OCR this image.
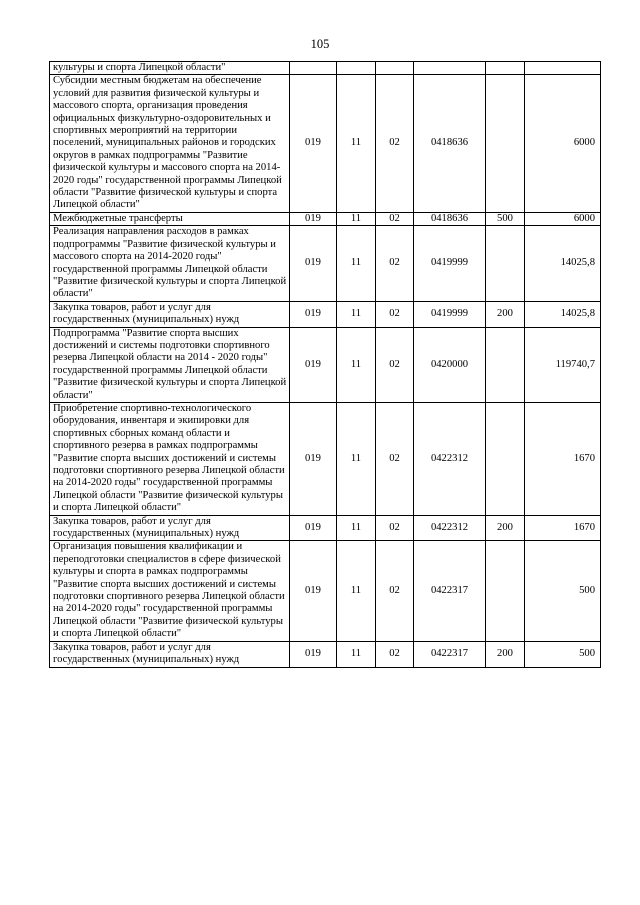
105
культуры и спорта Липецкой области"						
Субсидии местным бюджетам на обеспечение условий для развития физической культуры и массового спорта, организация проведения официальных физкультурно-оздоровительных и спортивных мероприятий на территории поселений, муниципальных районов и городских округов в рамках подпрограммы "Развитие физической культуры и массового спорта на 2014-2020 годы" государственной программы Липецкой области "Развитие физической культуры и спорта Липецкой области"	019	11	02	0418636		6000
Межбюджетные трансферты	019	11	02	0418636	500	6000
Реализация направления расходов в рамках подпрограммы "Развитие физической культуры и массового спорта на 2014-2020 годы" государственной программы Липецкой области "Развитие физической культуры и спорта Липецкой области"	019	11	02	0419999		14025,8
Закупка товаров, работ и услуг для государственных (муниципальных) нужд	019	11	02	0419999	200	14025,8
Подпрограмма "Развитие спорта высших достижений и системы подготовки спортивного резерва Липецкой области на 2014 - 2020 годы" государственной программы Липецкой области "Развитие физической культуры и спорта Липецкой области"	019	11	02	0420000		119740,7
Приобретение спортивно-технологического оборудования, инвентаря и экипировки для спортивных сборных команд области и спортивного резерва в рамках подпрограммы "Развитие спорта высших достижений и системы подготовки спортивного резерва Липецкой области на 2014-2020 годы" государственной программы Липецкой области "Развитие физической культуры и спорта Липецкой области"	019	11	02	0422312		1670
Закупка товаров, работ и услуг для государственных (муниципальных) нужд	019	11	02	0422312	200	1670
Организация повышения квалификации и переподготовки специалистов в сфере физической культуры и спорта в рамках подпрограммы "Развитие спорта высших достижений и системы подготовки спортивного резерва Липецкой области на 2014-2020 годы" государственной программы Липецкой области "Развитие физической культуры и спорта Липецкой области"	019	11	02	0422317		500
Закупка товаров, работ и услуг для государственных (муниципальных) нужд	019	11	02	0422317	200	500
